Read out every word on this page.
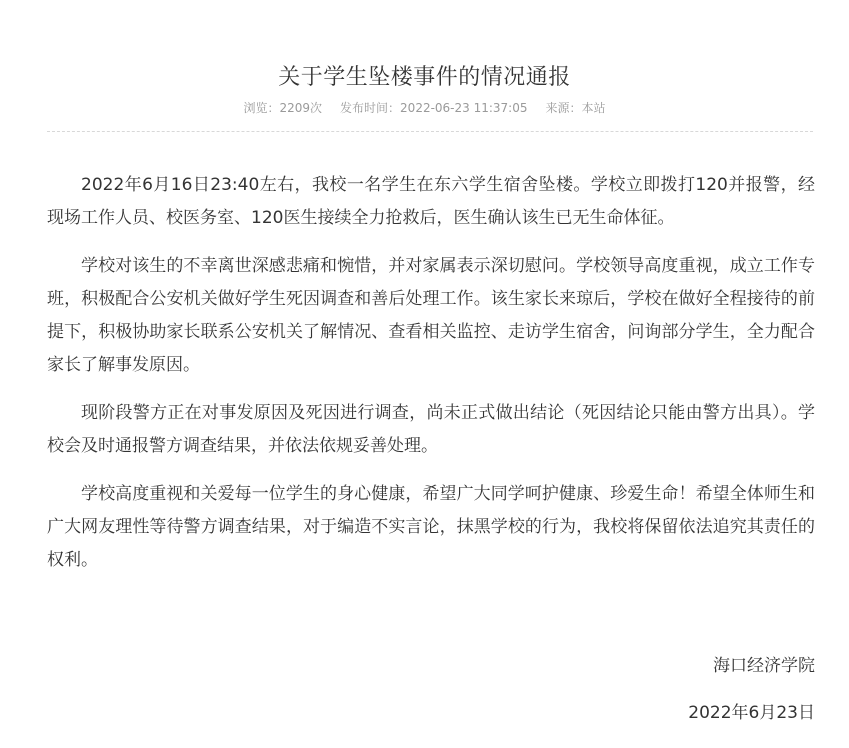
关于学生坠楼事件的情况通报
浏览：2209次 发布时间：2022-06-23 11:37:05 来源：本站

2022年6月16日23:40左右，我校一名学生在东六学生宿舍坠楼。学校立即拨打120并报警，经现场工作人员、校医务室、120医生接续全力抢救后，医生确认该生已无生命体征。

学校对该生的不幸离世深感悲痛和惋惜，并对家属表示深切慰问。学校领导高度重视，成立工作专班，积极配合公安机关做好学生死因调查和善后处理工作。该生家长来琼后，学校在做好全程接待的前提下，积极协助家长联系公安机关了解情况、查看相关监控、走访学生宿舍，问询部分学生，全力配合家长了解事发原因。

现阶段警方正在对事发原因及死因进行调查，尚未正式做出结论（死因结论只能由警方出具）。学校会及时通报警方调查结果，并依法依规妥善处理。

学校高度重视和关爱每一位学生的身心健康，希望广大同学呵护健康、珍爱生命！希望全体师生和广大网友理性等待警方调查结果，对于编造不实言论，抹黑学校的行为，我校将保留依法追究其责任的权利。

海口经济学院
2022年6月23日
